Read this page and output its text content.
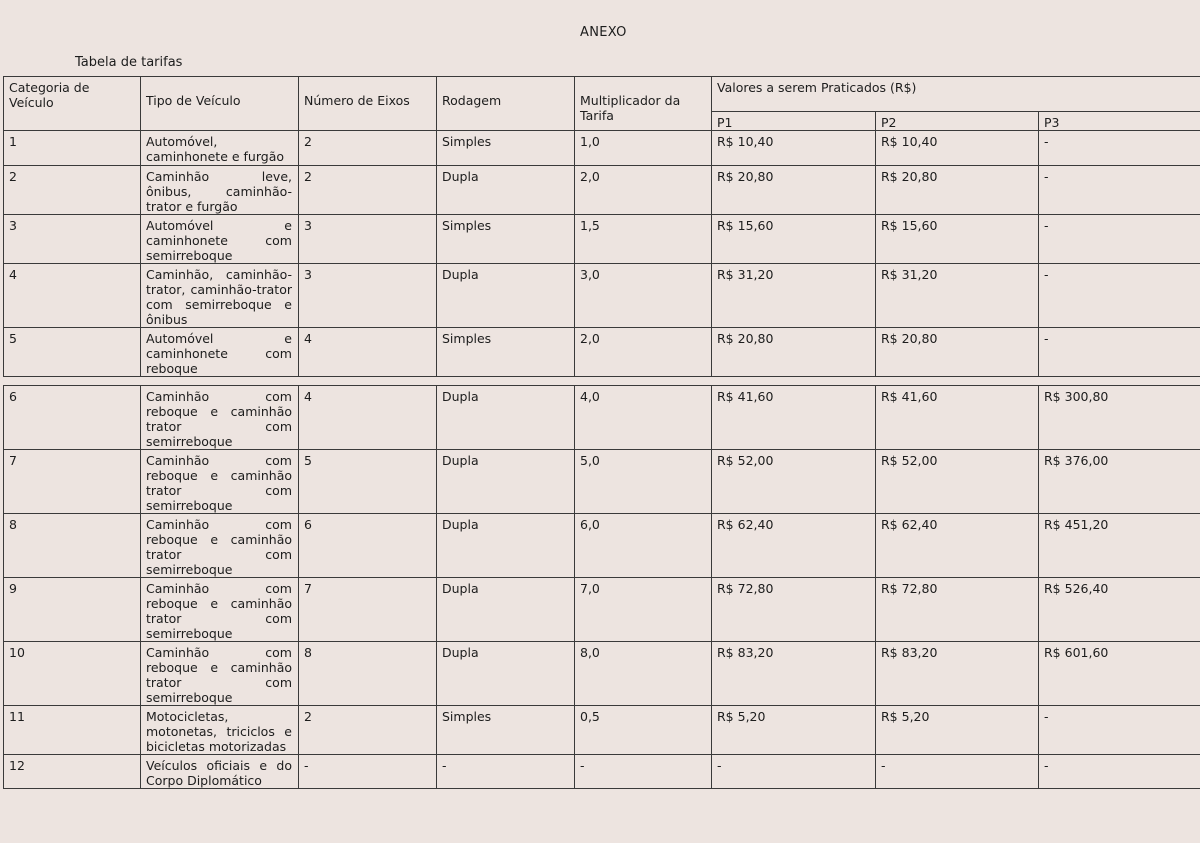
ANEXO
Tabela de tarifas
Categoria de Veículo	Tipo de Veículo	Número de Eixos	Rodagem	Multiplicador da Tarifa	Valores a serem Praticados (R$)		
					P1	P2	P3
1	Automóvel, caminhonete e furgão	2	Simples	1,0	R$ 10,40	R$ 10,40	-
2	Caminhão leve, ônibus, caminhão-trator e furgão	2	Dupla	2,0	R$ 20,80	R$ 20,80	-
3	Automóvel e caminhonete com semirreboque	3	Simples	1,5	R$ 15,60	R$ 15,60	-
4	Caminhão, caminhão-trator, caminhão-trator com semirreboque e ônibus	3	Dupla	3,0	R$ 31,20	R$ 31,20	-
5	Automóvel e caminhonete com reboque	4	Simples	2,0	R$ 20,80	R$ 20,80	-

6	Caminhão com reboque e caminhão trator com semirreboque	4	Dupla	4,0	R$ 41,60	R$ 41,60	R$ 300,80
7	Caminhão com reboque e caminhão trator com semirreboque	5	Dupla	5,0	R$ 52,00	R$ 52,00	R$ 376,00
8	Caminhão com reboque e caminhão trator com semirreboque	6	Dupla	6,0	R$ 62,40	R$ 62,40	R$ 451,20
9	Caminhão com reboque e caminhão trator com semirreboque	7	Dupla	7,0	R$ 72,80	R$ 72,80	R$ 526,40
10	Caminhão com reboque e caminhão trator com semirreboque	8	Dupla	8,0	R$ 83,20	R$ 83,20	R$ 601,60
11	Motocicletas, motonetas, triciclos e bicicletas motorizadas	2	Simples	0,5	R$ 5,20	R$ 5,20	-
12	Veículos oficiais e do Corpo Diplomático	-	-	-	-	-	-
